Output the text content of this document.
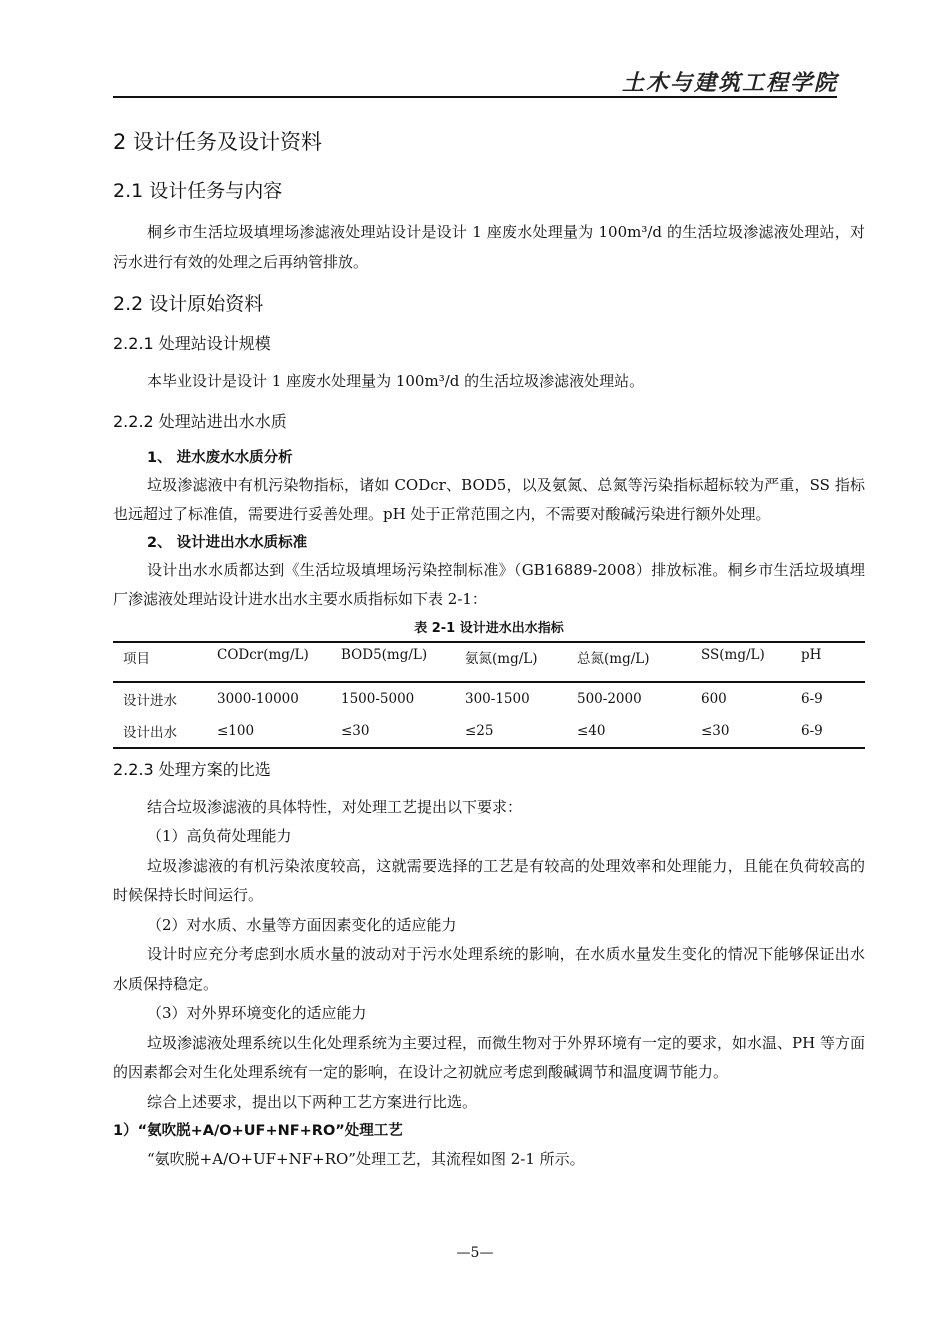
土木与建筑工程学院
2 设计任务及设计资料
2.1 设计任务与内容

桐乡市生活垃圾填埋场渗滤液处理站设计是设计 1 座废水处理量为 100m³/d 的生活垃圾渗滤液处理站，对污水进行有效的处理之后再纳管排放。

2.2 设计原始资料
2.2.1 处理站设计规模

本毕业设计是设计 1 座废水处理量为 100m³/d 的生活垃圾渗滤液处理站。

2.2.2 处理站进出水水质
1、 进水废水水质分析

垃圾渗滤液中有机污染物指标，诸如 CODcr、BOD5，以及氨氮、总氮等污染指标超标较为严重，SS 指标也远超过了标准值，需要进行妥善处理。pH 处于正常范围之内，不需要对酸碱污染进行额外处理。

2、 设计进出水水质标准

设计出水水质都达到《生活垃圾填埋场污染控制标准》（GB16889-2008）排放标准。桐乡市生活垃圾填埋厂渗滤液处理站设计进水出水主要水质指标如下表 2-1：

表 2-1 设计进水出水指标
项目	CODcr(mg/L)	BOD5(mg/L)	氨氮(mg/L)	总氮(mg/L)	SS(mg/L)	pH
设计进水	3000-10000	1500-5000	300-1500	500-2000	600	6-9
设计出水	≤100	≤30	≤25	≤40	≤30	6-9
2.2.3 处理方案的比选

结合垃圾渗滤液的具体特性，对处理工艺提出以下要求：

（1）高负荷处理能力

垃圾渗滤液的有机污染浓度较高，这就需要选择的工艺是有较高的处理效率和处理能力，且能在负荷较高的时候保持长时间运行。

（2）对水质、水量等方面因素变化的适应能力

设计时应充分考虑到水质水量的波动对于污水处理系统的影响，在水质水量发生变化的情况下能够保证出水水质保持稳定。

（3）对外界环境变化的适应能力

垃圾渗滤液处理系统以生化处理系统为主要过程，而微生物对于外界环境有一定的要求，如水温、PH 等方面的因素都会对生化处理系统有一定的影响，在设计之初就应考虑到酸碱调节和温度调节能力。

综合上述要求，提出以下两种工艺方案进行比选。

1）“氨吹脱+A/O+UF+NF+RO”处理工艺

“氨吹脱+A/O+UF+NF+RO”处理工艺，其流程如图 2-1 所示。

—5—
